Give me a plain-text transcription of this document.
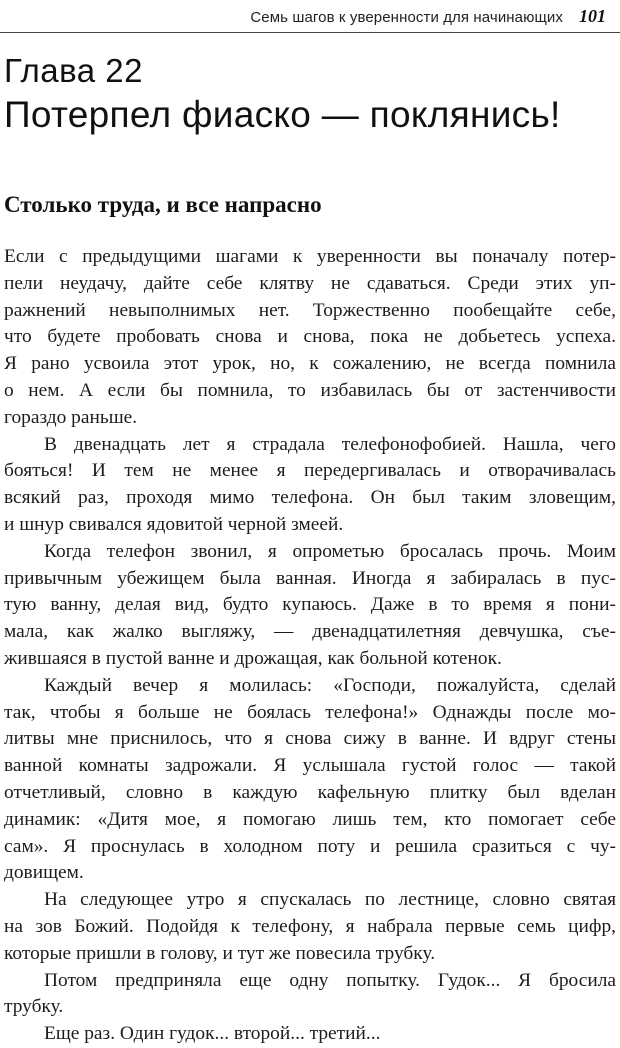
Семь шагов к уверенности для начинающих 101
Глава 22
Потерпел фиаско — поклянись!
Столько труда, и все напрасно
Если с предыдущими шагами к уверенности вы поначалу потер-
пели неудачу, дайте себе клятву не сдаваться. Среди этих уп-
ражнений невыполнимых нет. Торжественно пообещайте себе,
что будете пробовать снова и снова, пока не добьетесь успеха.
Я рано усвоила этот урок, но, к сожалению, не всегда помнила
о нем. А если бы помнила, то избавилась бы от застенчивости
гораздо раньше.
В двенадцать лет я страдала телефонофобией. Нашла, чего
бояться! И тем не менее я передергивалась и отворачивалась
всякий раз, проходя мимо телефона. Он был таким зловещим,
и шнур свивался ядовитой черной змеей.
Когда телефон звонил, я опрометью бросалась прочь. Моим
привычным убежищем была ванная. Иногда я забиралась в пус-
тую ванну, делая вид, будто купаюсь. Даже в то время я пони-
мала, как жалко выгляжу, — двенадцатилетняя девчушка, съе-
жившаяся в пустой ванне и дрожащая, как больной котенок.
Каждый вечер я молилась: «Господи, пожалуйста, сделай
так, чтобы я больше не боялась телефона!» Однажды после мо-
литвы мне приснилось, что я снова сижу в ванне. И вдруг стены
ванной комнаты задрожали. Я услышала густой голос — такой
отчетливый, словно в каждую кафельную плитку был вделан
динамик: «Дитя мое, я помогаю лишь тем, кто помогает себе
сам». Я проснулась в холодном поту и решила сразиться с чу-
довищем.
На следующее утро я спускалась по лестнице, словно святая
на зов Божий. Подойдя к телефону, я набрала первые семь цифр,
которые пришли в голову, и тут же повесила трубку.
Потом предприняла еще одну попытку. Гудок... Я бросила
трубку.
Еще раз. Один гудок... второй... третий...
